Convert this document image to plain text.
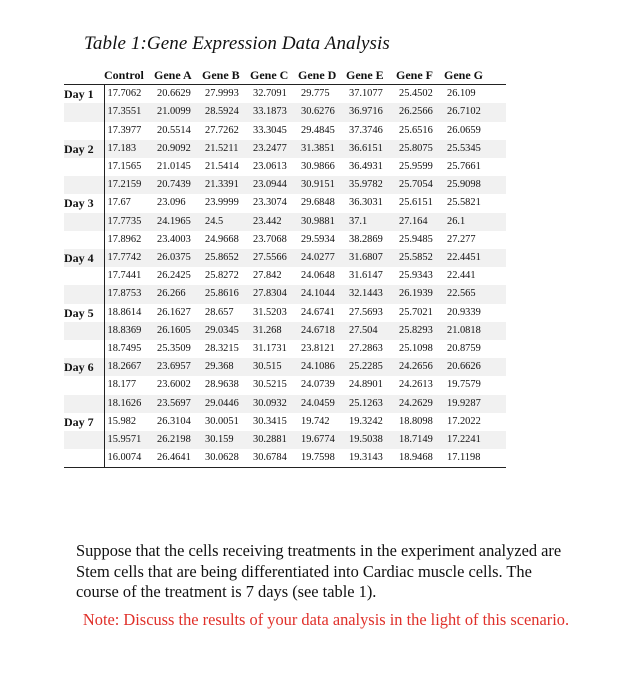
Table 1:Gene Expression Data Analysis
	Control	Gene A	Gene B	Gene C	Gene D	Gene E	Gene F	Gene G
Day 1	17.7062	20.6629	27.9993	32.7091	29.775	37.1077	25.4502	26.109
	17.3551	21.0099	28.5924	33.1873	30.6276	36.9716	26.2566	26.7102
	17.3977	20.5514	27.7262	33.3045	29.4845	37.3746	25.6516	26.0659
Day 2	17.183	20.9092	21.5211	23.2477	31.3851	36.6151	25.8075	25.5345
	17.1565	21.0145	21.5414	23.0613	30.9866	36.4931	25.9599	25.7661
	17.2159	20.7439	21.3391	23.0944	30.9151	35.9782	25.7054	25.9098
Day 3	17.67	23.096	23.9999	23.3074	29.6848	36.3031	25.6151	25.5821
	17.7735	24.1965	24.5	23.442	30.9881	37.1	27.164	26.1
	17.8962	23.4003	24.9668	23.7068	29.5934	38.2869	25.9485	27.277
Day 4	17.7742	26.0375	25.8652	27.5566	24.0277	31.6807	25.5852	22.4451
	17.7441	26.2425	25.8272	27.842	24.0648	31.6147	25.9343	22.441
	17.8753	26.266	25.8616	27.8304	24.1044	32.1443	26.1939	22.565
Day 5	18.8614	26.1627	28.657	31.5203	24.6741	27.5693	25.7021	20.9339
	18.8369	26.1605	29.0345	31.268	24.6718	27.504	25.8293	21.0818
	18.7495	25.3509	28.3215	31.1731	23.8121	27.2863	25.1098	20.8759
Day 6	18.2667	23.6957	29.368	30.515	24.1086	25.2285	24.2656	20.6626
	18.177	23.6002	28.9638	30.5215	24.0739	24.8901	24.2613	19.7579
	18.1626	23.5697	29.0446	30.0932	24.0459	25.1263	24.2629	19.9287
Day 7	15.982	26.3104	30.0051	30.3415	19.742	19.3242	18.8098	17.2022
	15.9571	26.2198	30.159	30.2881	19.6774	19.5038	18.7149	17.2241
	16.0074	26.4641	30.0628	30.6784	19.7598	19.3143	18.9468	17.1198
Suppose that the cells receiving treatments in the experiment analyzed are Stem cells that are being differentiated into Cardiac muscle cells. The course of the treatment is 7 days (see table 1).
Note: Discuss the results of your data analysis in the light of this scenario.
